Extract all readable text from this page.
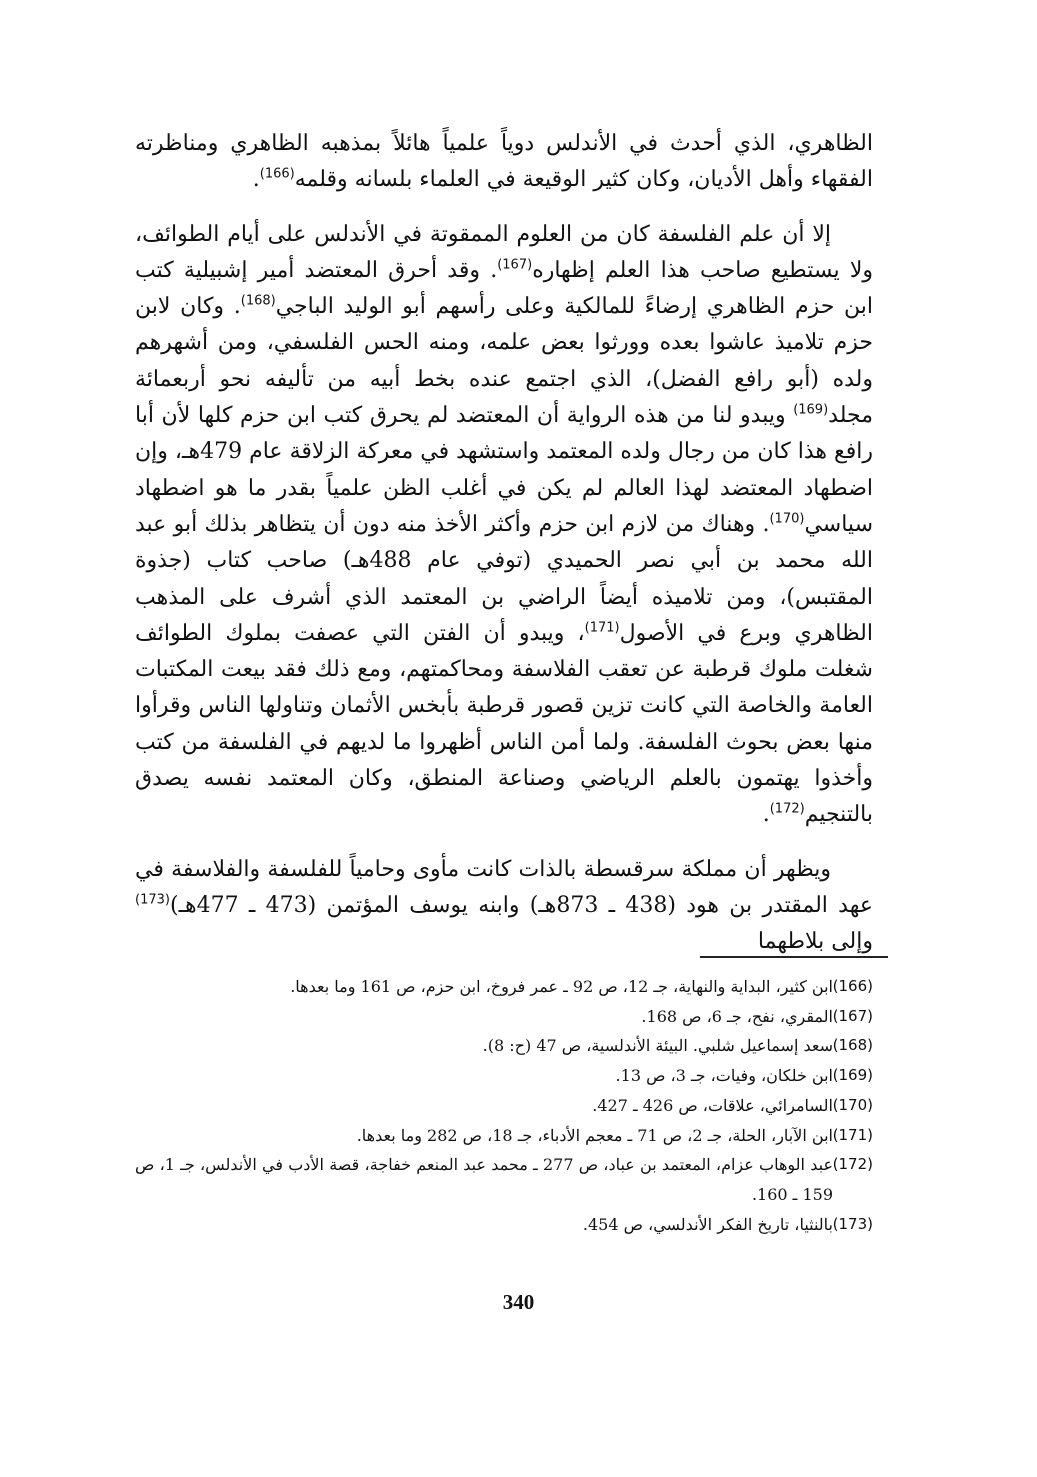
الظاهري، الذي أحدث في الأندلس دوياً علمياً هائلاً بمذهبه الظاهري ومناظرته الفقهاء وأهل الأديان، وكان كثير الوقيعة في العلماء بلسانه وقلمه$^{(166)}$.

إلا أن علم الفلسفة كان من العلوم الممقوتة في الأندلس على أيام الطوائف، ولا يستطيع صاحب هذا العلم إظهاره$^{(167)}$. وقد أحرق المعتضد أمير إشبيلية كتب ابن حزم الظاهري إرضاءً للمالكية وعلى رأسهم أبو الوليد الباجي$^{(168)}$. وكان لابن حزم تلاميذ عاشوا بعده وورثوا بعض علمه، ومنه الحس الفلسفي، ومن أشهرهم ولده (أبو رافع الفضل)، الذي اجتمع عنده بخط أبيه من تأليفه نحو أربعمائة مجلد$^{(169)}$ ويبدو لنا من هذه الرواية أن المعتضد لم يحرق كتب ابن حزم كلها لأن أبا رافع هذا كان من رجال ولده المعتمد واستشهد في معركة الزلاقة عام 479هـ، وإن اضطهاد المعتضد لهذا العالم لم يكن في أغلب الظن علمياً بقدر ما هو اضطهاد سياسي$^{(170)}$. وهناك من لازم ابن حزم وأكثر الأخذ منه دون أن يتظاهر بذلك أبو عبد الله محمد بن أبي نصر الحميدي (توفي عام 488هـ) صاحب كتاب (جذوة المقتبس)، ومن تلاميذه أيضاً الراضي بن المعتمد الذي أشرف على المذهب الظاهري وبرع في الأصول$^{(171)}$، ويبدو أن الفتن التي عصفت بملوك الطوائف شغلت ملوك قرطبة عن تعقب الفلاسفة ومحاكمتهم، ومع ذلك فقد بيعت المكتبات العامة والخاصة التي كانت تزين قصور قرطبة بأبخس الأثمان وتناولها الناس وقرأوا منها بعض بحوث الفلسفة. ولما أمن الناس أظهروا ما لديهم في الفلسفة من كتب وأخذوا يهتمون بالعلم الرياضي وصناعة المنطق، وكان المعتمد نفسه يصدق بالتنجيم$^{(172)}$.

ويظهر أن مملكة سرقسطة بالذات كانت مأوى وحامياً للفلسفة والفلاسفة في عهد المقتدر بن هود (438 ـ 873هـ) وابنه يوسف المؤتمن (473 ـ 477هـ)$^{(173)}$ وإلى بلاطهما

(166)
ابن كثير، البداية والنهاية، جـ 12، ص 92 ـ عمر فروخ، ابن حزم، ص 161 وما بعدها.
(167)
المقري، نفح، جـ 6، ص 168.
(168)
سعد إسماعيل شلبي. البيئة الأندلسية، ص 47 (ح: 8).
(169)
ابن خلكان، وفيات، جـ 3، ص 13.
(170)
السامرائي، علاقات، ص 426 ـ 427.
(171)
ابن الآبار، الحلة، جـ 2، ص 71 ـ معجم الأدباء، جـ 18، ص 282 وما بعدها.
(172)
عبد الوهاب عزام، المعتمد بن عباد، ص 277 ـ محمد عبد المنعم خفاجة، قصة الأدب في الأندلس، جـ 1، ص 159 ـ 160.
(173)
بالنثيا، تاريخ الفكر الأندلسي، ص 454.
340
